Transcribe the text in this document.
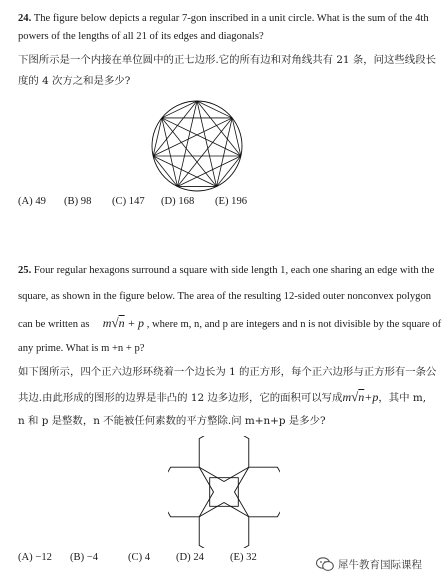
24. The figure below depicts a regular 7-gon inscribed in a unit circle. What is the sum of the 4th
powers of the lengths of all 21 of its edges and diagonals?
下图所示是一个内接在单位圆中的正七边形.它的所有边和对角线共有 21 条，问这些线段长
度的 4 次方之和是多少?
(A) 49 (B) 98 (C) 147 (D) 168 (E) 196
25. Four regular hexagons surround a square with side length 1, each one sharing an edge with the
square, as shown in the figure below. The area of the resulting 12-sided outer nonconvex polygon
can be written as m√n + p , where m, n, and p are integers and n is not divisible by the square of
any prime. What is m +n + p?
如下图所示，四个正六边形环绕着一个边长为 1 的正方形，每个正六边形与正方形有一条公
共边.由此形成的图形的边界是非凸的 12 边多边形，它的面积可以写成m√n+p，其中 m,
n 和 p 是整数，n 不能被任何素数的平方整除.问 m+n+p 是多少?
(A) −12 (B) −4	(C) 4 (D) 24 (E) 32
犀牛教育国际课程
